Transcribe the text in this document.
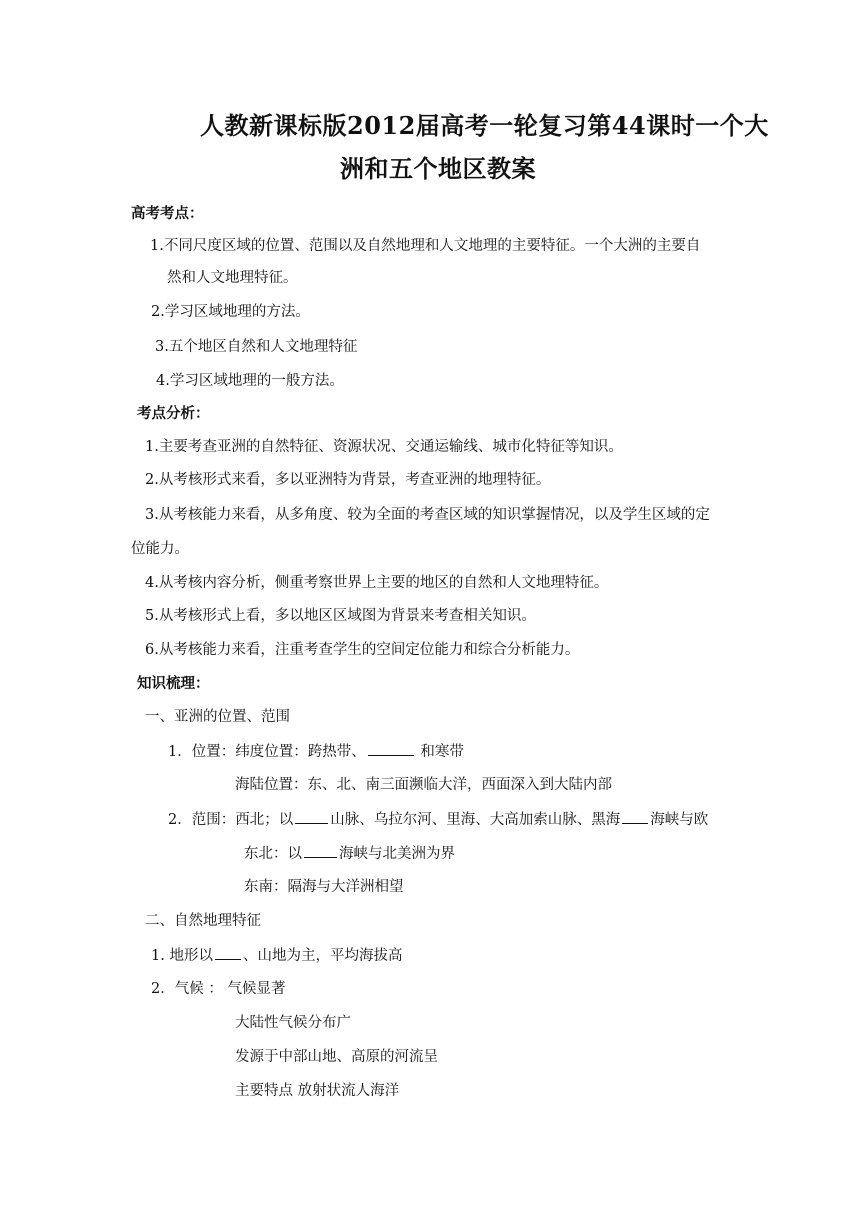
人教新课标版2012届高考一轮复习第44课时一个大
洲和五个地区教案
高考考点：
1.不同尺度区域的位置、范围以及自然地理和人文地理的主要特征。一个大洲的主要自
然和人文地理特征。
2.学习区域地理的方法。
3.五个地区自然和人文地理特征
4.学习区域地理的一般方法。
考点分析：
1.主要考查亚洲的自然特征、资源状况、交通运输线、城市化特征等知识。
2.从考核形式来看，多以亚洲特为背景，考查亚洲的地理特征。
3.从考核能力来看，从多角度、较为全面的考查区域的知识掌握情况，以及学生区域的定
位能力。
4.从考核内容分析，侧重考察世界上主要的地区的自然和人文地理特征。
5.从考核形式上看，多以地区区域图为背景来考查相关知识。
6.从考核能力来看，注重考查学生的空间定位能力和综合分析能力。
知识梳理：
一、亚洲的位置、范围
1．位置：纬度位置：跨热带、	和寒带
海陆位置：东、北、南三面濒临大洋，西面深入到大陆内部
2．范围：西北；以	山脉、乌拉尔河、里海、大高加索山脉、黑海 海峡与欧
东北：以	海峡与北美洲为界
东南：隔海与大洋洲相望
二、自然地理特征
1. 地形以 、山地为主，平均海拔高
2．气候 ： 气候显著
大陆性气候分布广
发源于中部山地、高原的河流呈
主要特点 放射状流人海洋
